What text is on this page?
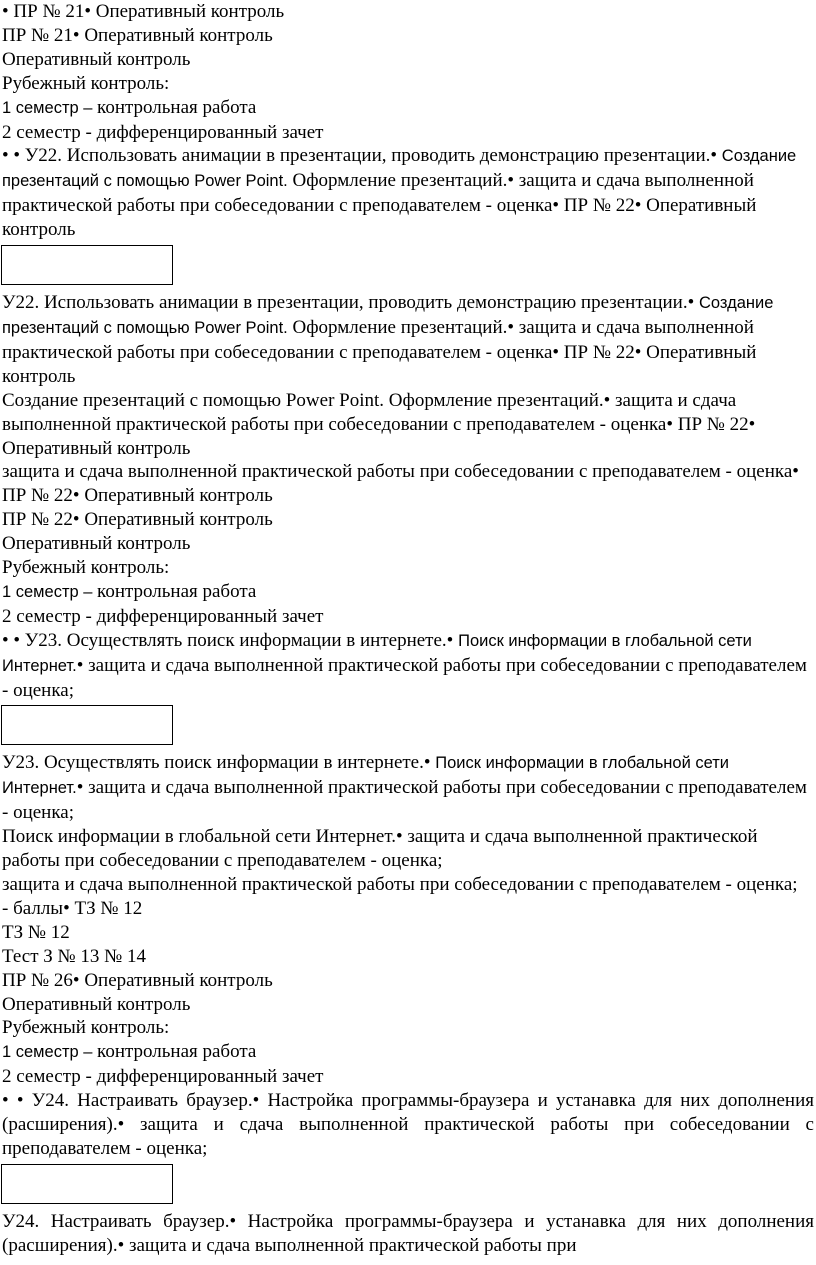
• ПР № 21• Оперативный контроль
ПР № 21• Оперативный контроль
Оперативный контроль
Рубежный контроль:
1 семестр – контрольная работа
2 семестр - дифференцированный зачет
• • У22. Использовать анимации в презентации, проводить демонстрацию презентации.• Создание презентаций с помощью Power Point. Оформление презентаций.• защита и сдача выполненной практической работы при собеседовании с преподавателем - оценка• ПР № 22• Оперативный контроль
У22. Использовать анимации в презентации, проводить демонстрацию презентации.• Создание презентаций с помощью Power Point. Оформление презентаций.• защита и сдача выполненной практической работы при собеседовании с преподавателем - оценка• ПР № 22• Оперативный контроль
Создание презентаций с помощью Power Point. Оформление презентаций.• защита и сдача выполненной практической работы при собеседовании с преподавателем - оценка• ПР № 22• Оперативный контроль
защита и сдача выполненной практической работы при собеседовании с преподавателем - оценка• ПР № 22• Оперативный контроль
ПР № 22• Оперативный контроль
Оперативный контроль
Рубежный контроль:
1 семестр – контрольная работа
2 семестр - дифференцированный зачет
• • У23. Осуществлять поиск информации в интернете.• Поиск информации в глобальной сети Интернет.• защита и сдача выполненной практической работы при собеседовании с преподавателем - оценка;
У23. Осуществлять поиск информации в интернете.• Поиск информации в глобальной сети Интернет.• защита и сдача выполненной практической работы при собеседовании с преподавателем - оценка;
Поиск информации в глобальной сети Интернет.• защита и сдача выполненной практической работы при собеседовании с преподавателем - оценка;
защита и сдача выполненной практической работы при собеседовании с преподавателем - оценка;
- баллы• ТЗ № 12
ТЗ № 12
Тест З № 13 № 14
ПР № 26• Оперативный контроль
Оперативный контроль
Рубежный контроль:
1 семестр – контрольная работа
2 семестр - дифференцированный зачет
• • У24. Настраивать браузер.• Настройка программы-браузера и устанавка для них дополнения (расширения).• защита и сдача выполненной практической работы при собеседовании с преподавателем - оценка;
У24. Настраивать браузер.• Настройка программы-браузера и устанавка для них дополнения (расширения).• защита и сдача выполненной практической работы при
